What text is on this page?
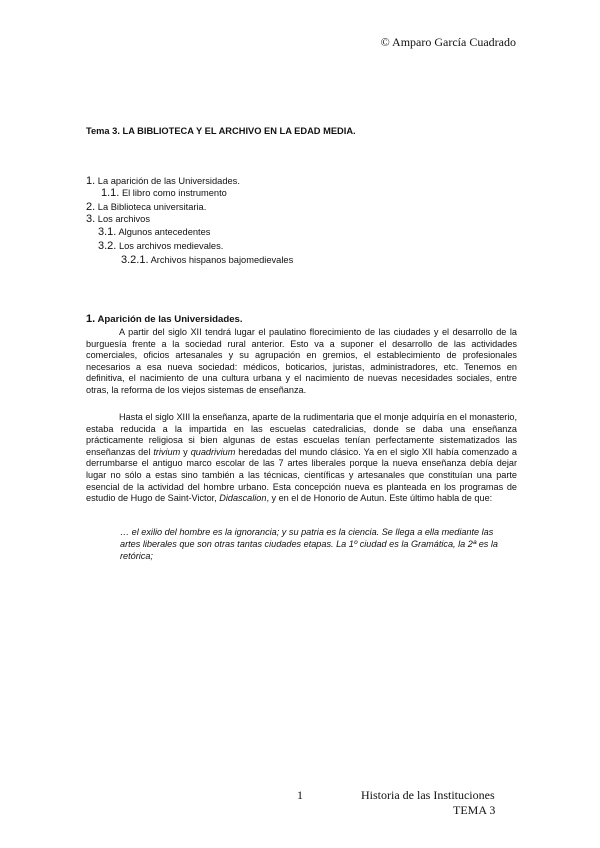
© Amparo García Cuadrado
Tema 3. LA BIBLIOTECA Y EL ARCHIVO EN LA EDAD MEDIA.
1. La aparición de las Universidades.
1.1. El libro como instrumento
2. La Biblioteca universitaria.
3. Los archivos
3.1. Algunos antecedentes
3.2. Los archivos medievales.
3.2.1. Archivos hispanos bajomedievales
1. Aparición de las Universidades.
A partir del siglo XII tendrá lugar el paulatino florecimiento de las ciudades y el desarrollo de la burguesía frente a la sociedad rural anterior. Esto va a suponer el desarrollo de las actividades comerciales, oficios artesanales y su agrupación en gremios, el establecimiento de profesionales necesarios a esa nueva sociedad: médicos, boticarios, juristas, administradores, etc. Tenemos en definitiva, el nacimiento de una cultura urbana y el nacimiento de nuevas necesidades sociales, entre otras, la reforma de los viejos sistemas de enseñanza.
Hasta el siglo XIII la enseñanza, aparte de la rudimentaria que el monje adquiría en el monasterio, estaba reducida a la impartida en las escuelas catedralicias, donde se daba una enseñanza prácticamente religiosa si bien algunas de estas escuelas tenían perfectamente sistematizados las enseñanzas del trivium y quadrivium heredadas del mundo clásico. Ya en el siglo XII había comenzado a derrumbarse el antiguo marco escolar de las 7 artes liberales porque la nueva enseñanza debía dejar lugar no sólo a estas sino también a las técnicas, científicas y artesanales que constituían una parte esencial de la actividad del hombre urbano. Esta concepción nueva es planteada en los programas de estudio de Hugo de Saint-Victor, Didascalion, y en el de Honorio de Autun. Este último habla de que:
… el exilio del hombre es la ignorancia; y su patria es la ciencia. Se llega a ella mediante las artes liberales que son otras tantas ciudades etapas. La 1º ciudad es la Gramática, la 2ª es la retórica;
1	Historia de las Instituciones
TEMA 3
